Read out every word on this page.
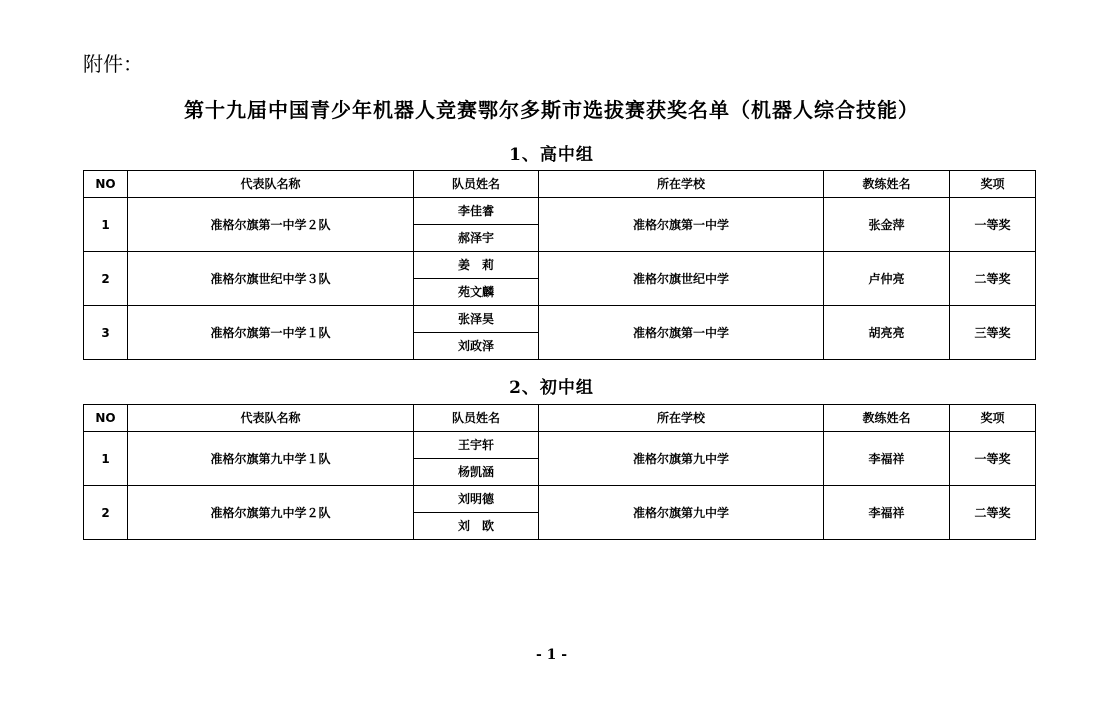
附件：
第十九届中国青少年机器人竞赛鄂尔多斯市选拔赛获奖名单（机器人综合技能）
1、高中组
NO	代表队名称	队员姓名	所在学校	教练姓名	奖项
1	准格尔旗第一中学２队	李佳睿	准格尔旗第一中学	张金萍	一等奖
		郝泽宇			
2	准格尔旗世纪中学３队	姜　莉	准格尔旗世纪中学	卢仲亮	二等奖
		苑文麟			
3	准格尔旗第一中学１队	张泽昊	准格尔旗第一中学	胡亮亮	三等奖
		刘政泽			
2、初中组
NO	代表队名称	队员姓名	所在学校	教练姓名	奖项
1	准格尔旗第九中学１队	王宇轩	准格尔旗第九中学	李福祥	一等奖
		杨凯涵			
2	准格尔旗第九中学２队	刘明德	准格尔旗第九中学	李福祥	二等奖
		刘　欧			
- 1 -
